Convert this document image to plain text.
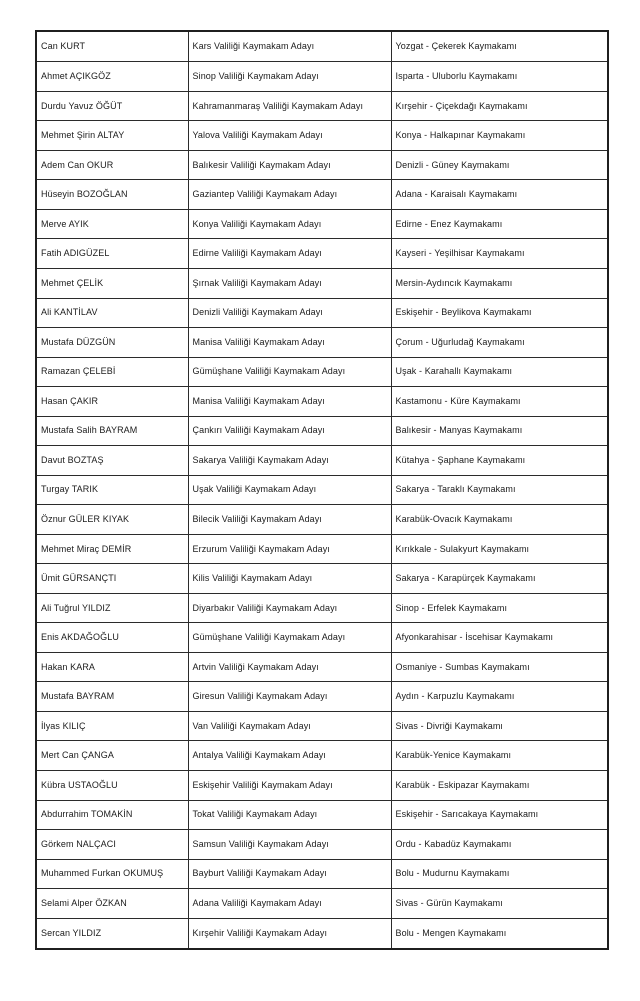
Can KURT	Kars Valiliği Kaymakam Adayı	Yozgat - Çekerek Kaymakamı
Ahmet AÇIKGÖZ	Sinop Valiliği Kaymakam Adayı	Isparta - Uluborlu Kaymakamı
Durdu Yavuz ÖĞÜT	Kahramanmaraş Valiliği Kaymakam Adayı	Kırşehir - Çiçekdağı Kaymakamı
Mehmet Şirin ALTAY	Yalova Valiliği Kaymakam Adayı	Konya - Halkapınar Kaymakamı
Adem Can OKUR	Balıkesir Valiliği Kaymakam Adayı	Denizli - Güney Kaymakamı
Hüseyin BOZOĞLAN	Gaziantep Valiliği Kaymakam Adayı	Adana - Karaisalı Kaymakamı
Merve AYIK	Konya Valiliği Kaymakam Adayı	Edirne - Enez Kaymakamı
Fatih ADIGÜZEL	Edirne Valiliği Kaymakam Adayı	Kayseri - Yeşilhisar Kaymakamı
Mehmet ÇELİK	Şırnak Valiliği Kaymakam Adayı	Mersin-Aydıncık Kaymakamı
Ali KANTİLAV	Denizli Valiliği Kaymakam Adayı	Eskişehir - Beylikova Kaymakamı
Mustafa DÜZGÜN	Manisa Valiliği Kaymakam Adayı	Çorum - Uğurludağ Kaymakamı
Ramazan ÇELEBİ	Gümüşhane Valiliği Kaymakam Adayı	Uşak - Karahallı Kaymakamı
Hasan ÇAKIR	Manisa Valiliği Kaymakam Adayı	Kastamonu - Küre Kaymakamı
Mustafa Salih BAYRAM	Çankırı Valiliği Kaymakam Adayı	Balıkesir - Manyas Kaymakamı
Davut BOZTAŞ	Sakarya Valiliği Kaymakam Adayı	Kütahya - Şaphane Kaymakamı
Turgay TARIK	Uşak Valiliği Kaymakam Adayı	Sakarya - Taraklı Kaymakamı
Öznur GÜLER KIYAK	Bilecik Valiliği Kaymakam Adayı	Karabük-Ovacık Kaymakamı
Mehmet Miraç DEMİR	Erzurum Valiliği Kaymakam Adayı	Kırıkkale - Sulakyurt Kaymakamı
Ümit GÜRSANÇTI	Kilis Valiliği Kaymakam Adayı	Sakarya - Karapürçek Kaymakamı
Ali Tuğrul YILDIZ	Diyarbakır Valiliği Kaymakam Adayı	Sinop - Erfelek Kaymakamı
Enis AKDAĞOĞLU	Gümüşhane Valiliği Kaymakam Adayı	Afyonkarahisar - İscehisar Kaymakamı
Hakan KARA	Artvin Valiliği Kaymakam Adayı	Osmaniye - Sumbas Kaymakamı
Mustafa BAYRAM	Giresun Valiliği Kaymakam Adayı	Aydın - Karpuzlu Kaymakamı
İlyas KILIÇ	Van Valiliği Kaymakam Adayı	Sivas - Divriği Kaymakamı
Mert Can ÇANGA	Antalya Valiliği Kaymakam Adayı	Karabük-Yenice Kaymakamı
Kübra USTAOĞLU	Eskişehir Valiliği Kaymakam Adayı	Karabük - Eskipazar Kaymakamı
Abdurrahim TOMAKİN	Tokat Valiliği Kaymakam Adayı	Eskişehir - Sarıcakaya Kaymakamı
Görkem NALÇACI	Samsun Valiliği Kaymakam Adayı	Ordu - Kabadüz Kaymakamı
Muhammed Furkan OKUMUŞ	Bayburt Valiliği Kaymakam Adayı	Bolu - Mudurnu Kaymakamı
Selami Alper ÖZKAN	Adana Valiliği Kaymakam Adayı	Sivas - Gürün Kaymakamı
Sercan YILDIZ	Kırşehir Valiliği Kaymakam Adayı	Bolu - Mengen Kaymakamı
